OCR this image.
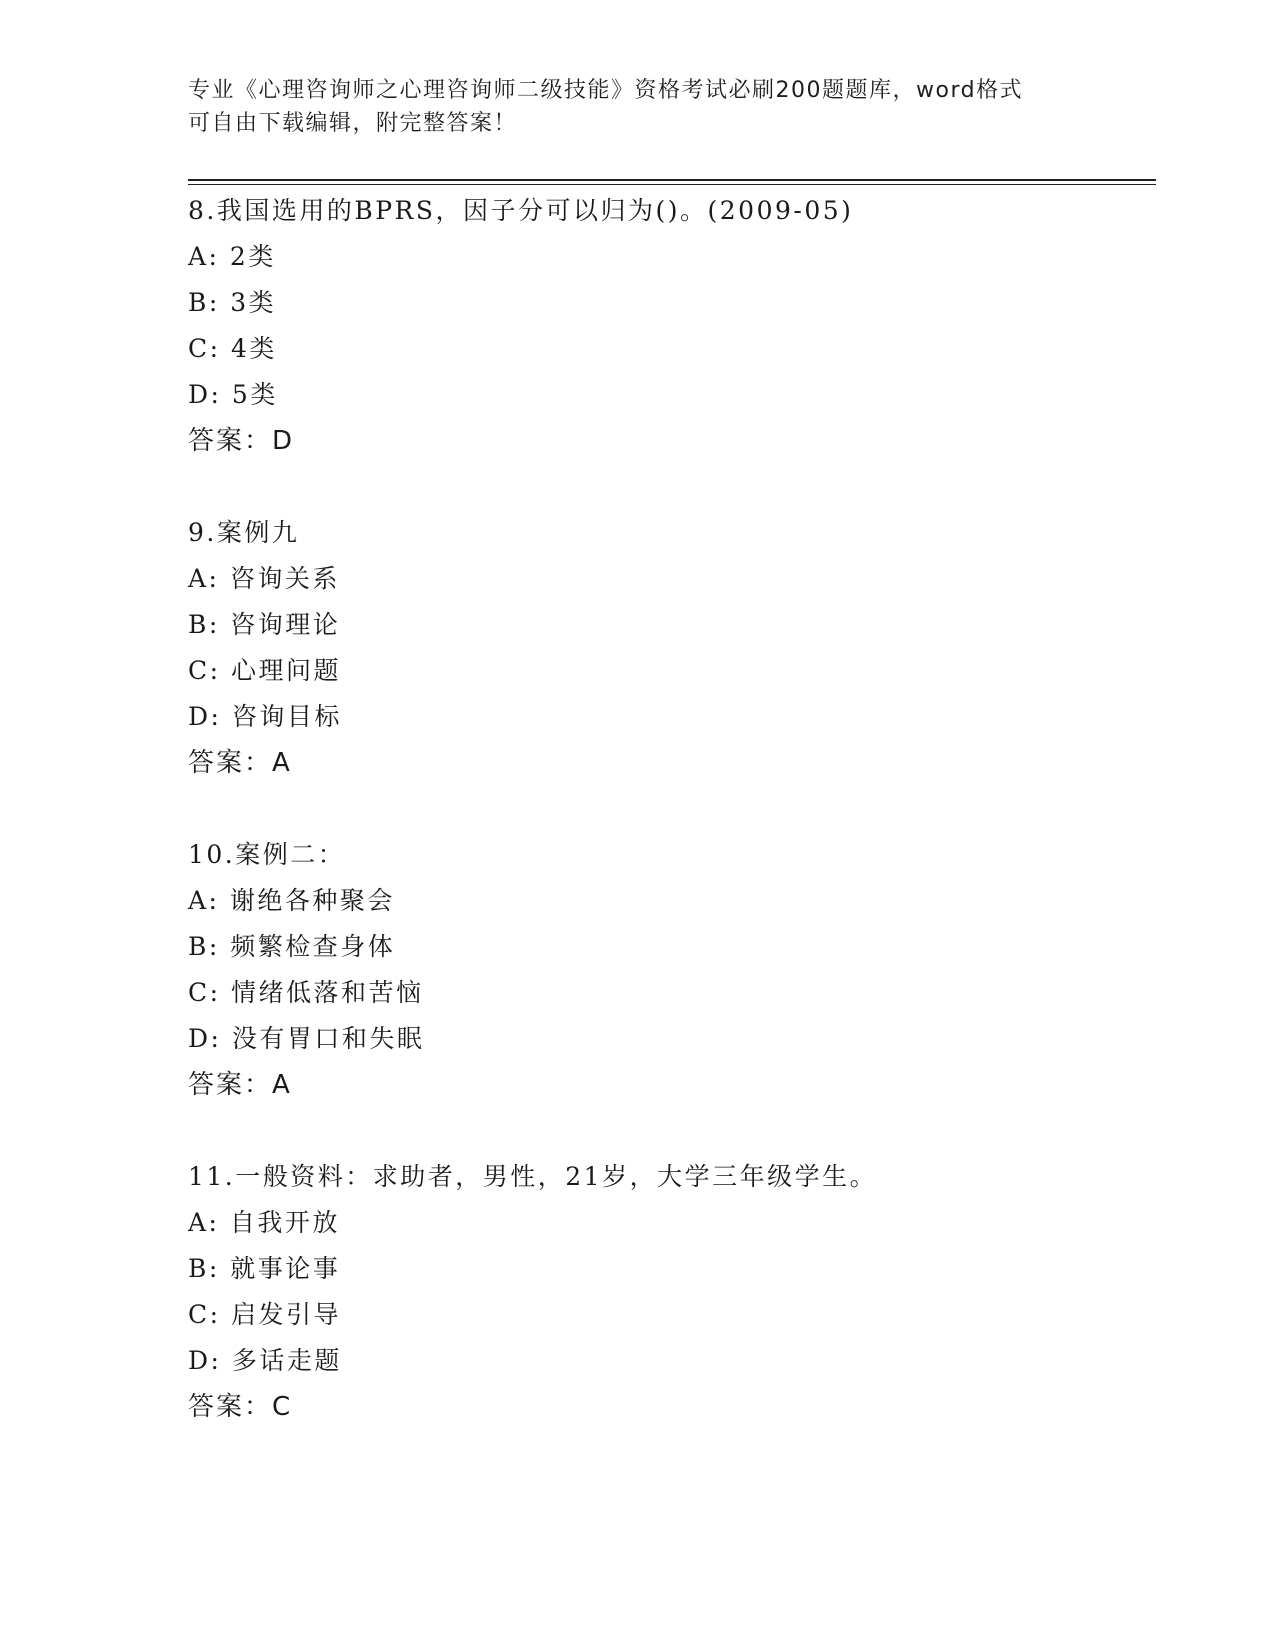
专业《心理咨询师之心理咨询师二级技能》资格考试必刷200题题库，word格式
可自由下载编辑，附完整答案！
8.我国选用的BPRS，因子分可以归为()。(2009-05)
A: 2类
B: 3类
C: 4类
D: 5类
答案：D
9.案例九
A: 咨询关系
B: 咨询理论
C: 心理问题
D: 咨询目标
答案：A
10.案例二：
A: 谢绝各种聚会
B: 频繁检查身体
C: 情绪低落和苦恼
D: 没有胃口和失眠
答案：A
11.一般资料：求助者，男性，21岁，大学三年级学生。
A: 自我开放
B: 就事论事
C: 启发引导
D: 多话走题
答案：C
